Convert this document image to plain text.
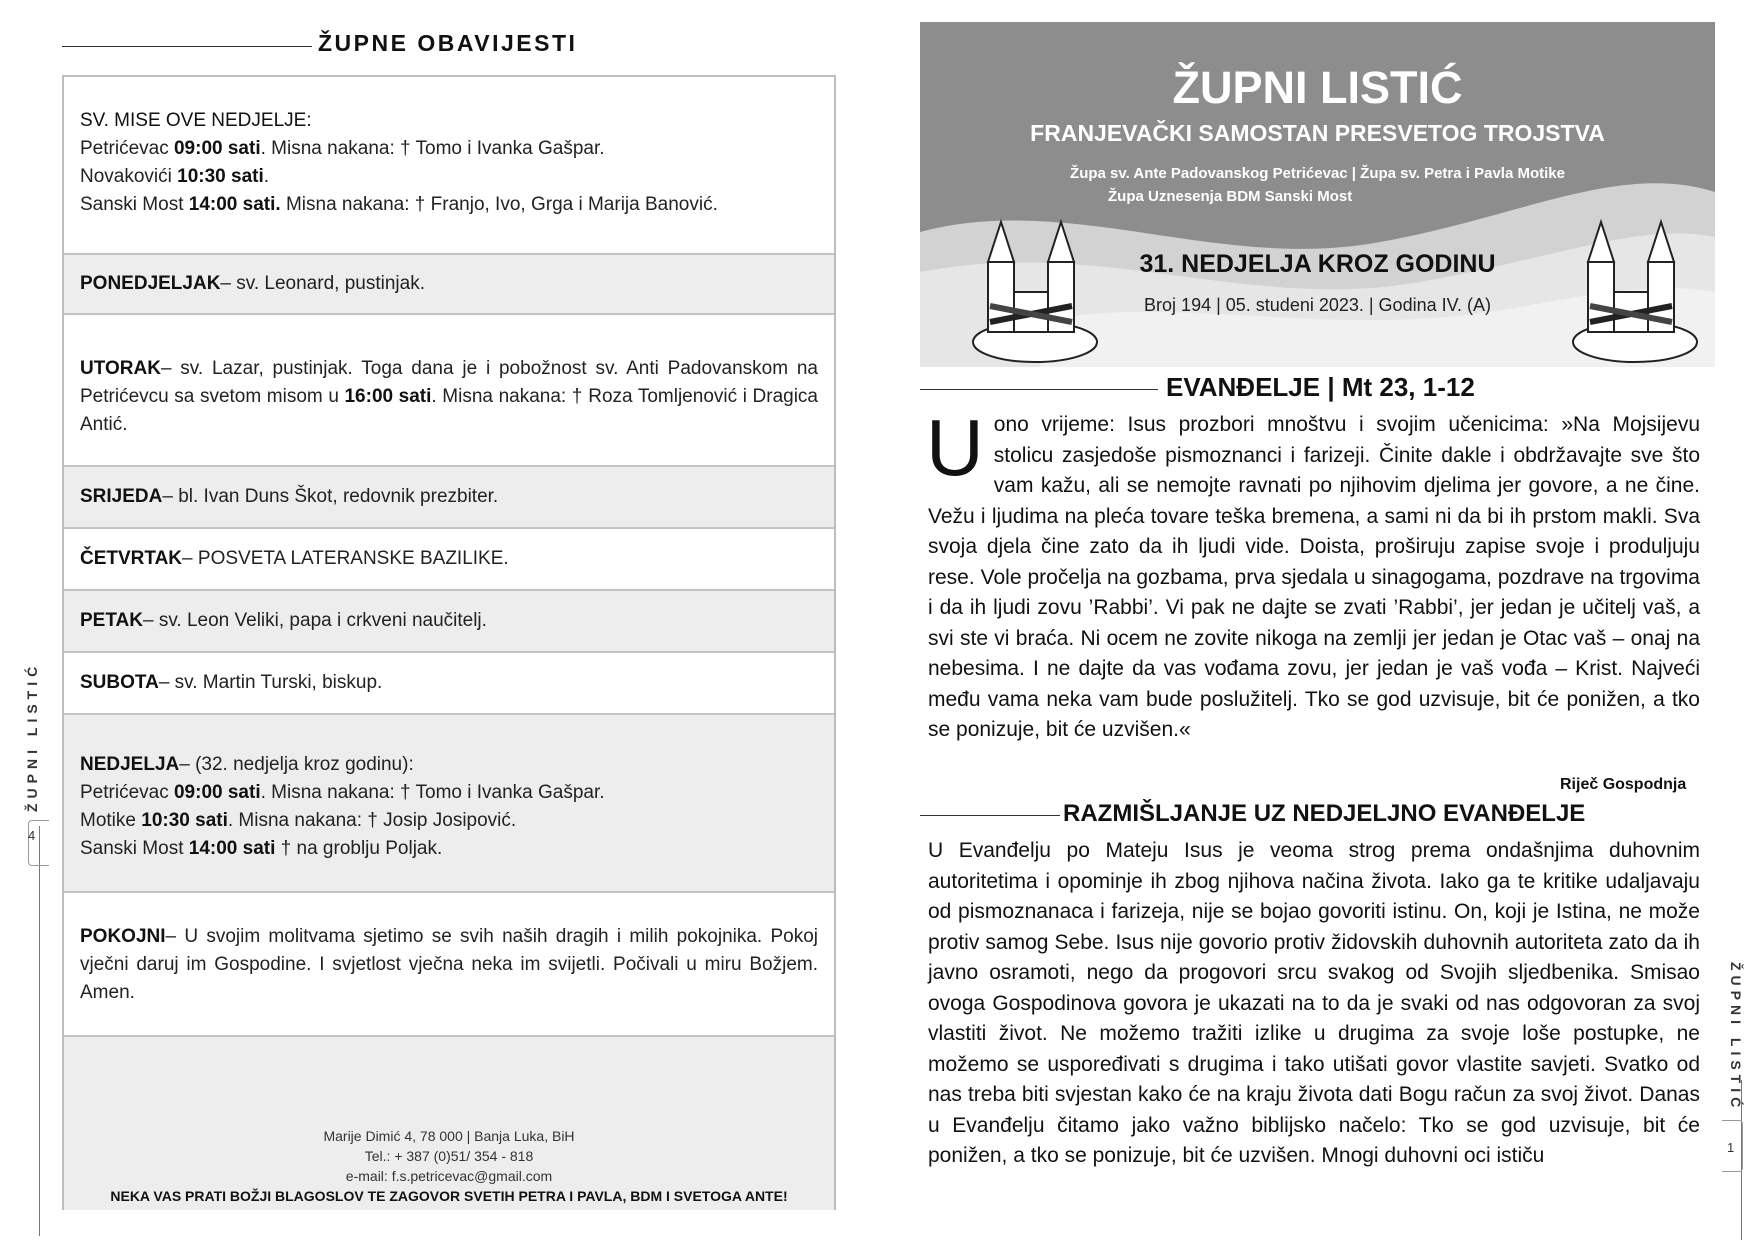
ŽUPNE OBAVIJESTI
SV. MISE OVE NEDJELJE:
Petrićevac 09:00 sati. Misna nakana: † Tomo i Ivanka Gašpar.
Novakovići 10:30 sati.
Sanski Most 14:00 sati. Misna nakana: † Franjo, Ivo, Grga i Marija Banović.
PONEDJELJAK– sv. Leonard, pustinjak.
UTORAK– sv. Lazar, pustinjak. Toga dana je i pobožnost sv. Anti Padovanskom na Petrićevcu sa svetom misom u 16:00 sati. Misna nakana: † Roza Tomljenović i Dragica Antić.
SRIJEDA– bl. Ivan Duns Škot, redovnik prezbiter.
ČETVRTAK– POSVETA LATERANSKE BAZILIKE.
PETAK– sv. Leon Veliki, papa i crkveni naučitelj.
SUBOTA– sv. Martin Turski, biskup.
NEDJELJA– (32. nedjelja kroz godinu):
Petrićevac 09:00 sati. Misna nakana: † Tomo i Ivanka Gašpar.
Motike 10:30 sati. Misna nakana: † Josip Josipović.
Sanski Most 14:00 sati † na groblju Poljak.
POKOJNI– U svojim molitvama sjetimo se svih naših dragih i milih pokojnika. Pokoj vječni daruj im Gospodine. I svjetlost vječna neka im svijetli. Počivali u miru Božjem. Amen.
Marije Dimić 4, 78 000 | Banja Luka, BiH
Tel.: + 387 (0)51/ 354 - 818
e-mail: f.s.petricevac@gmail.com
NEKA VAS PRATI BOŽJI BLAGOSLOV TE ZAGOVOR SVETIH PETRA I PAVLA, BDM I SVETOGA ANTE!
ŽUPNI LISTIĆ
4
ŽUPNI LISTIĆ
FRANJEVAČKI SAMOSTAN PRESVETOG TROJSTVA
Župa sv. Ante Padovanskog Petrićevac | Župa sv. Petra i Pavla Motike
Župa Uznesenja BDM Sanski Most
31. NEDJELJA KROZ GODINU
Broj 194 | 05. studeni 2023. | Godina IV. (A)
EVANĐELJE | Mt 23, 1-12
Uono vrijeme: Isus prozbori mnoštvu i svojim učenicima: »Na Mojsijevu stolicu zasjedoše pismoznanci i farizeji. Činite dakle i obdržavajte sve što vam kažu, ali se nemojte ravnati po njihovim djelima jer govore, a ne čine. Vežu i ljudima na pleća tovare teška bremena, a sami ni da bi ih prstom makli. Sva svoja djela čine zato da ih ljudi vide. Doista, proširuju zapise svoje i produljuju rese. Vole pročelja na gozbama, prva sjedala u sinagogama, pozdrave na trgovima i da ih ljudi zovu ’Rabbi’. Vi pak ne dajte se zvati ’Rabbi’, jer jedan je učitelj vaš, a svi ste vi braća. Ni ocem ne zovite nikoga na zemlji jer jedan je Otac vaš – onaj na nebesima. I ne dajte da vas vođama zovu, jer jedan je vaš vođa – Krist. Najveći među vama neka vam bude poslužitelj. Tko se god uzvisuje, bit će ponižen, a tko se ponizuje, bit će uzvišen.«
Riječ Gospodnja
RAZMIŠLJANJE UZ NEDJELJNO EVANĐELJE
U Evanđelju po Mateju Isus je veoma strog prema ondašnjima duhovnim autoritetima i opominje ih zbog njihova načina života. Iako ga te kritike udaljavaju od pismoznanaca i farizeja, nije se bojao govoriti istinu. On, koji je Istina, ne može protiv samog Sebe. Isus nije govorio protiv židovskih duhovnih autoriteta zato da ih javno osramoti, nego da progovori srcu svakog od Svojih sljedbenika. Smisao ovoga Gospodinova govora je ukazati na to da je svaki od nas odgovoran za svoj vlastiti život. Ne možemo tražiti izlike u drugima za svoje loše postupke, ne možemo se uspoređivati s drugima i tako utišati govor vlastite savjeti. Svatko od nas treba biti svjestan kako će na kraju života dati Bogu račun za svoj život. Danas u Evanđelju čitamo jako važno biblijsko načelo: Tko se god uzvisuje, bit će ponižen, a tko se ponizuje, bit će uzvišen. Mnogi duhovni oci ističu
ŽUPNI LISTIĆ
1
